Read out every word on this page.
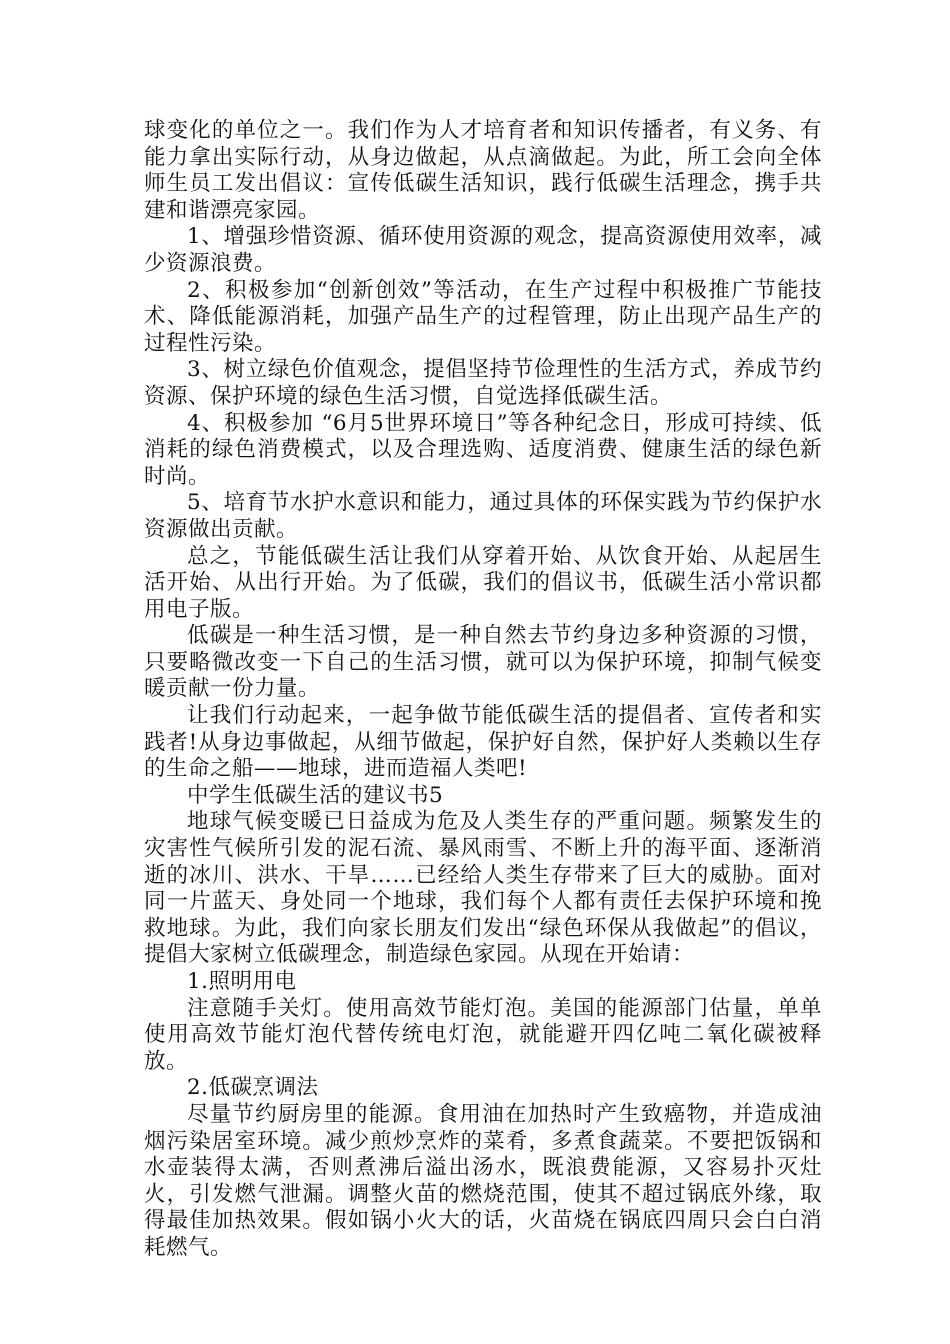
球变化的单位之一。我们作为人才培育者和知识传播者，有义务、有能力拿出实际行动，从身边做起，从点滴做起。为此，所工会向全体师生员工发出倡议：宣传低碳生活知识，践行低碳生活理念，携手共建和谐漂亮家园。

1、增强珍惜资源、循环使用资源的观念，提高资源使用效率，减少资源浪费。

2、积极参加“创新创效”等活动，在生产过程中积极推广节能技术、降低能源消耗，加强产品生产的过程管理，防止出现产品生产的过程性污染。

3、树立绿色价值观念，提倡坚持节俭理性的生活方式，养成节约资源、保护环境的绿色生活习惯，自觉选择低碳生活。

4、积极参加 “6月5世界环境日”等各种纪念日，形成可持续、低消耗的绿色消费模式，以及合理选购、适度消费、健康生活的绿色新时尚。

5、培育节水护水意识和能力，通过具体的环保实践为节约保护水资源做出贡献。

总之，节能低碳生活让我们从穿着开始、从饮食开始、从起居生活开始、从出行开始。为了低碳，我们的倡议书，低碳生活小常识都用电子版。

低碳是一种生活习惯，是一种自然去节约身边多种资源的习惯，只要略微改变一下自己的生活习惯，就可以为保护环境，抑制气候变暖贡献一份力量。

让我们行动起来，一起争做节能低碳生活的提倡者、宣传者和实践者!从身边事做起，从细节做起，保护好自然，保护好人类赖以生存的生命之船——地球，进而造福人类吧!

中学生低碳生活的建议书5

地球气候变暖已日益成为危及人类生存的严重问题。频繁发生的灾害性气候所引发的泥石流、暴风雨雪、不断上升的海平面、逐渐消逝的冰川、洪水、干旱……已经给人类生存带来了巨大的威胁。面对同一片蓝天、身处同一个地球，我们每个人都有责任去保护环境和挽救地球。为此，我们向家长朋友们发出“绿色环保从我做起”的倡议，提倡大家树立低碳理念，制造绿色家园。从现在开始请：

1.照明用电

注意随手关灯。使用高效节能灯泡。美国的能源部门估量，单单使用高效节能灯泡代替传统电灯泡，就能避开四亿吨二氧化碳被释放。

2.低碳烹调法

尽量节约厨房里的能源。食用油在加热时产生致癌物，并造成油烟污染居室环境。减少煎炒烹炸的菜肴，多煮食蔬菜。不要把饭锅和水壶装得太满，否则煮沸后溢出汤水，既浪费能源，又容易扑灭灶火，引发燃气泄漏。调整火苗的燃烧范围，使其不超过锅底外缘，取得最佳加热效果。假如锅小火大的话，火苗烧在锅底四周只会白白消耗燃气。
